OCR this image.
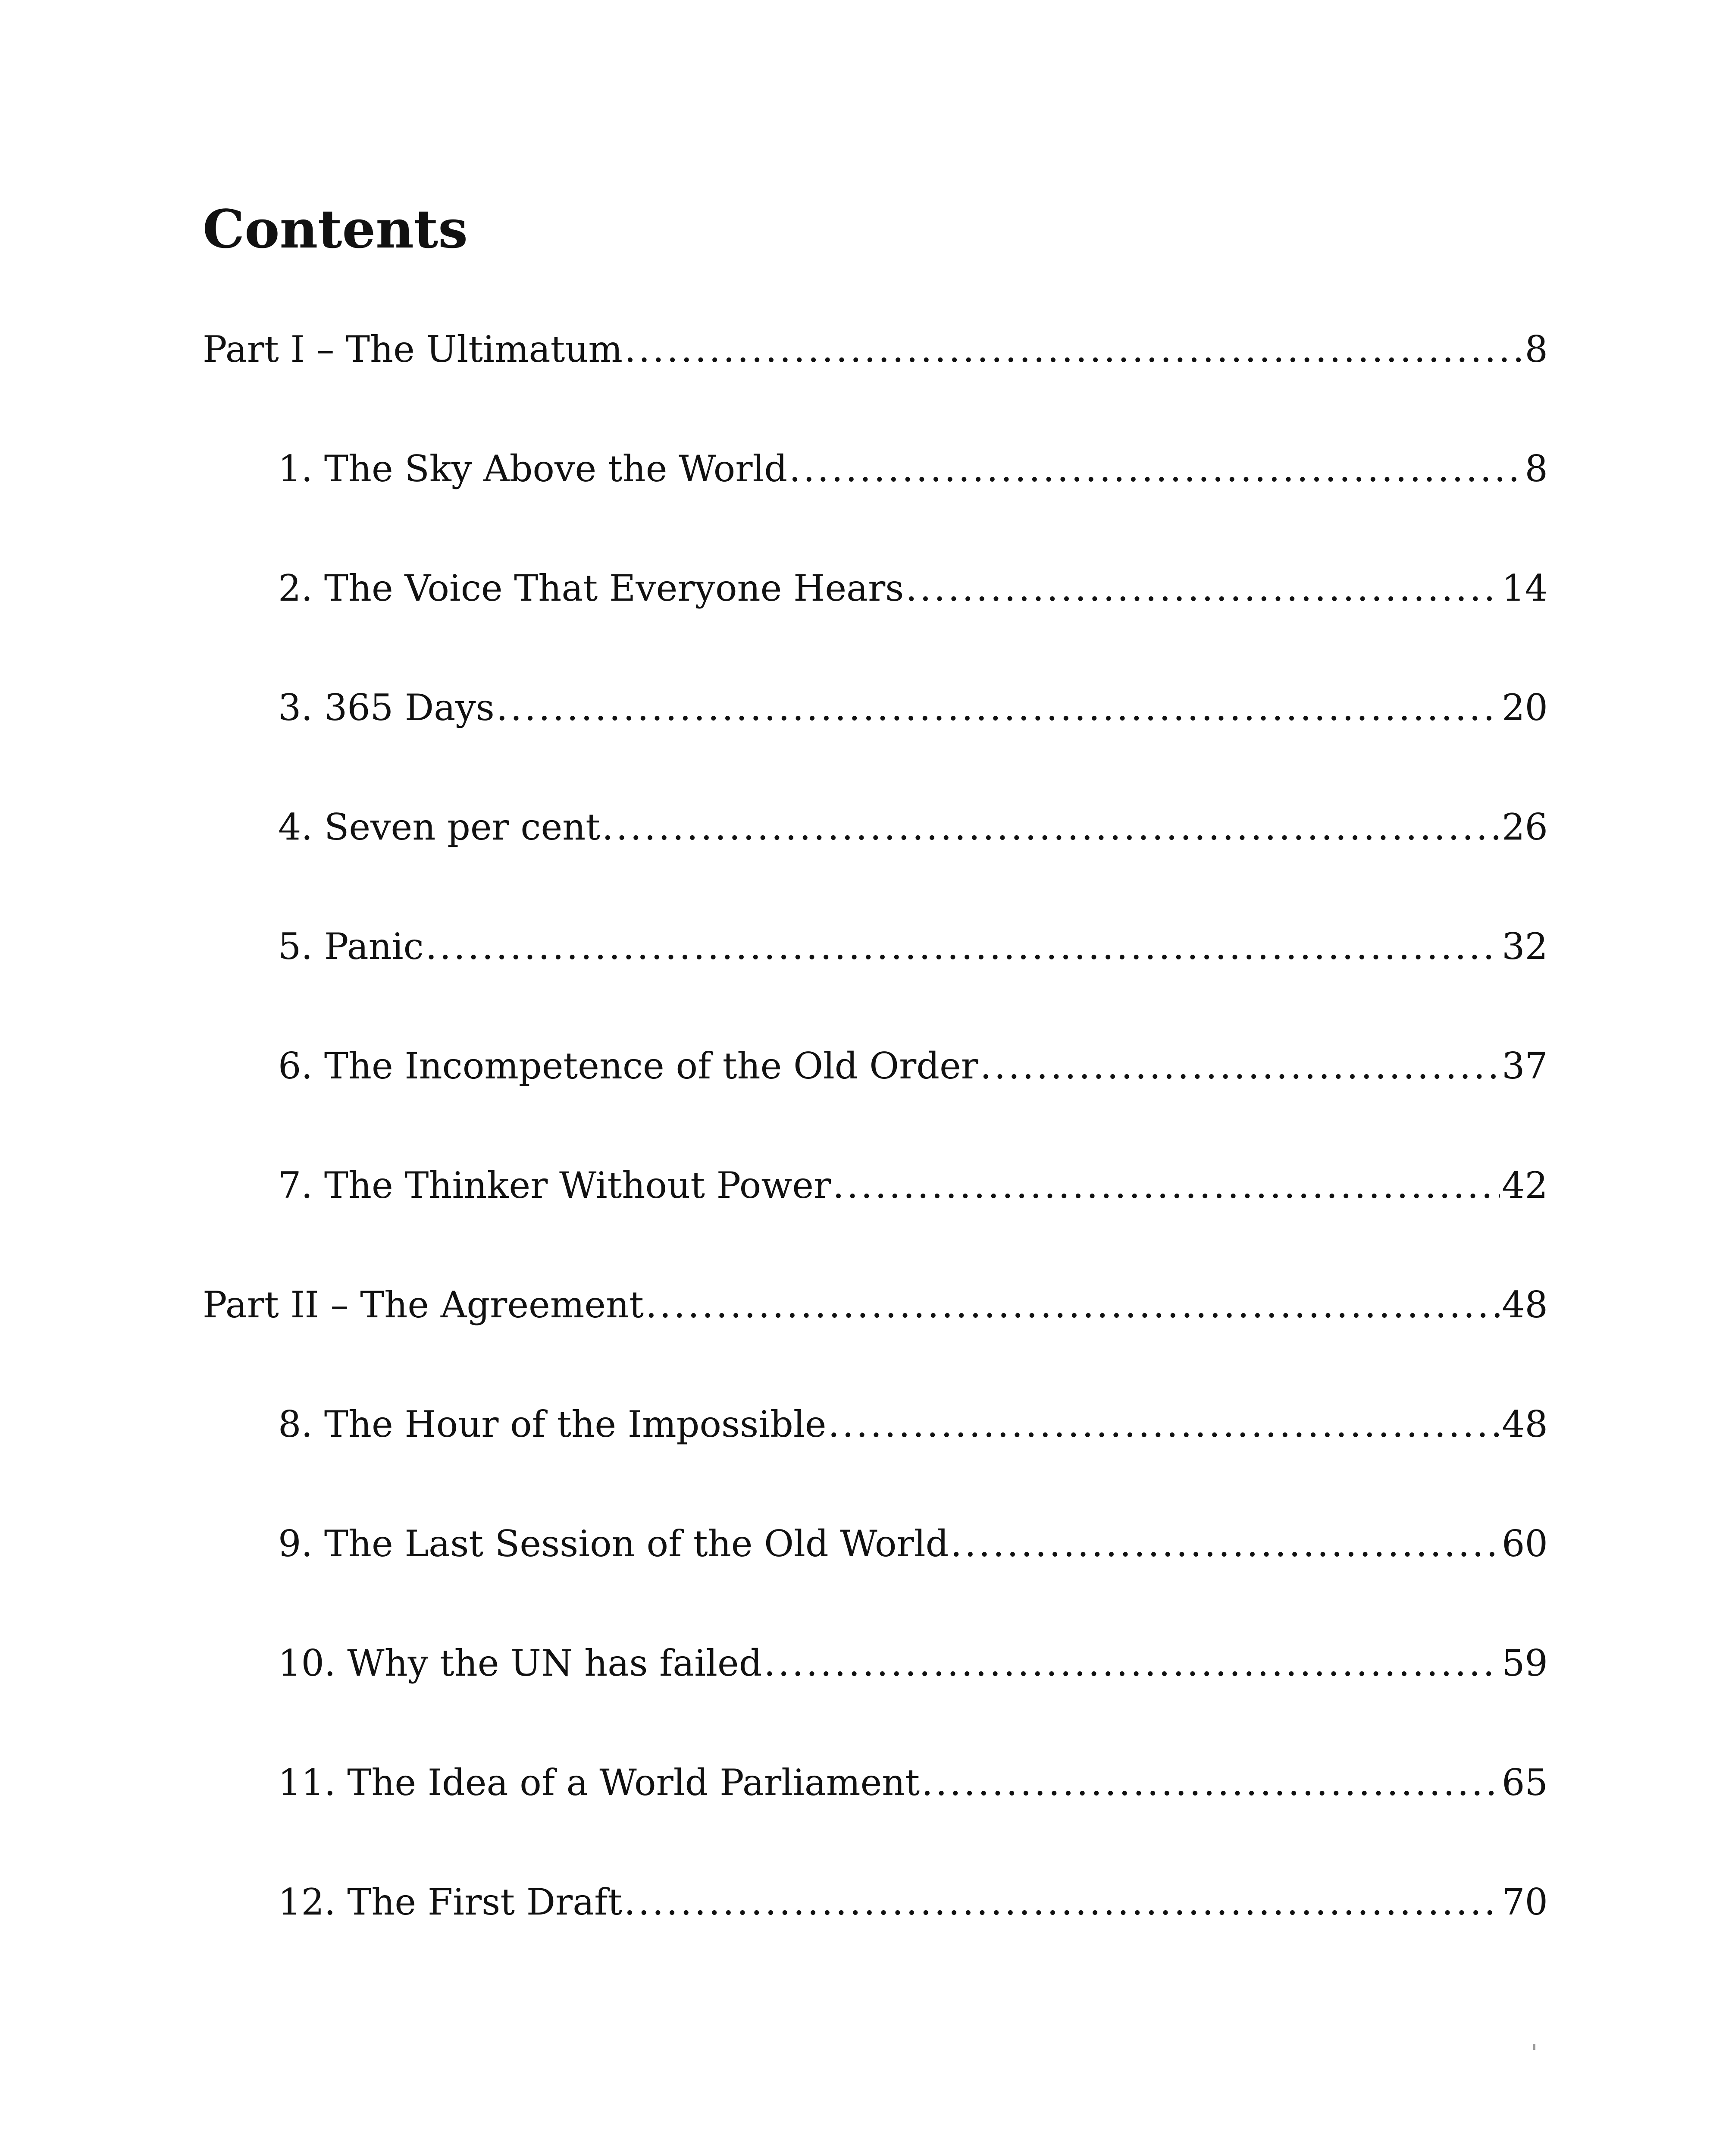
Contents
Part I – The Ultimatum .....	8
1. The Sky Above the World .....	8
2. The Voice That Everyone Hears .....	14
3. 365 Days .....	20
4. Seven per cent .....	26
5. Panic .....	32
6. The Incompetence of the Old Order .....	37
7. The Thinker Without Power .....	42
Part II – The Agreement .....	48
8. The Hour of the Impossible .....	48
9. The Last Session of the Old World .....	60
10. Why the UN has failed .....	59
11. The Idea of a World Parliament .....	65
12. The First Draft .....	70
